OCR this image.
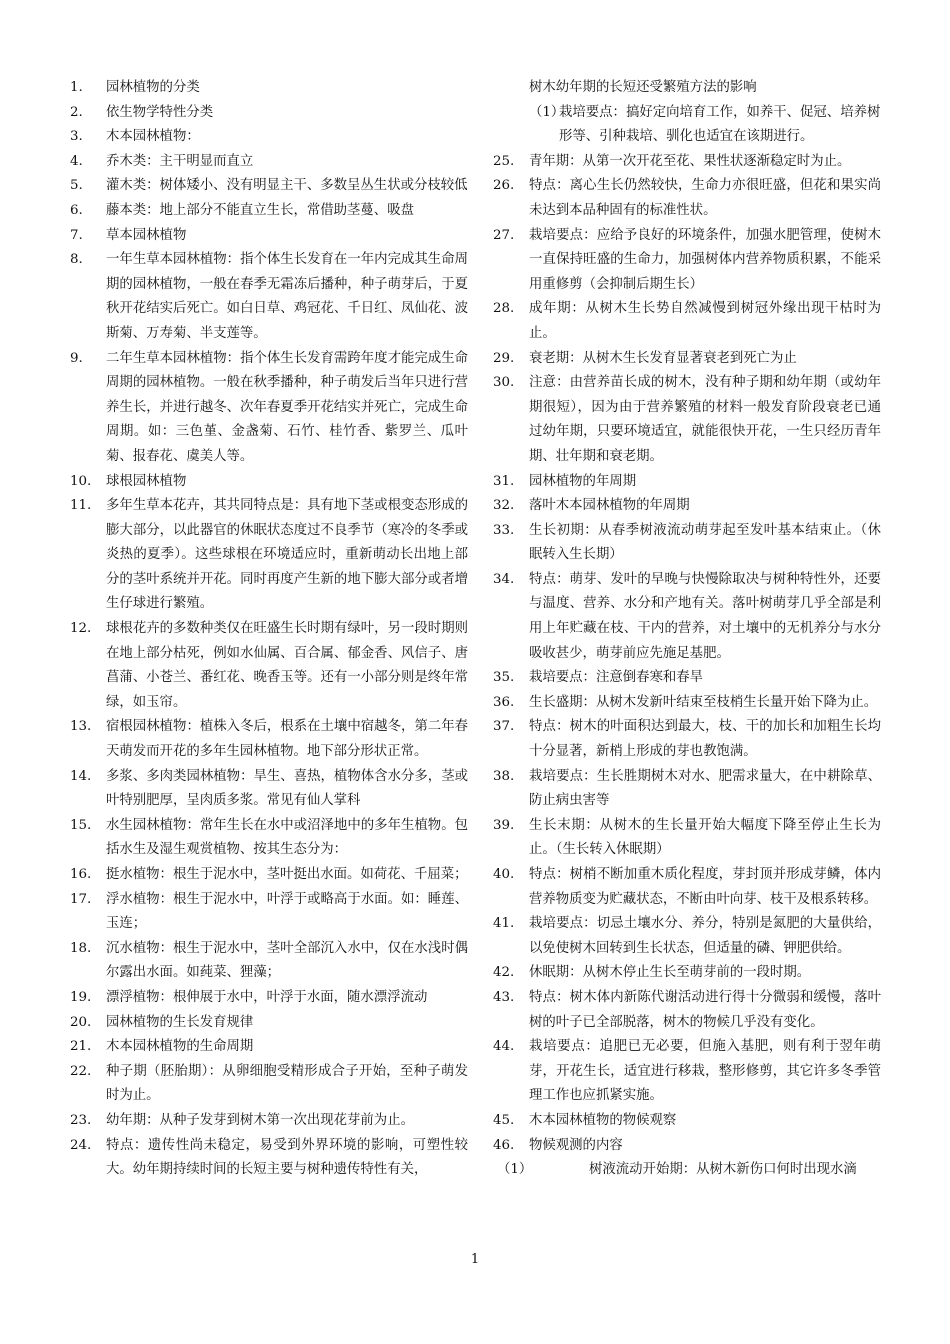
1. 园林植物的分类
2. 依生物学特性分类
3. 木本园林植物：
4. 乔木类：主干明显而直立
5. 灌木类：树体矮小、没有明显主干、多数呈丛生状或分枝较低
6. 藤本类：地上部分不能直立生长，常借助茎蔓、吸盘
7. 草本园林植物
8. 一年生草本园林植物：指个体生长发育在一年内完成其生命周期的园林植物，一般在春季无霜冻后播种，种子萌芽后，于夏秋开花结实后死亡。如白日草、鸡冠花、千日红、凤仙花、波斯菊、万寿菊、半支莲等。
9. 二年生草本园林植物：指个体生长发育需跨年度才能完成生命周期的园林植物。一般在秋季播种，种子萌发后当年只进行营养生长，并进行越冬、次年春夏季开花结实并死亡，完成生命周期。如：三色堇、金盏菊、石竹、桂竹香、紫罗兰、瓜叶菊、报春花、虞美人等。
10. 球根园林植物
11. 多年生草本花卉，其共同特点是：具有地下茎或根变态形成的膨大部分，以此器官的休眠状态度过不良季节（寒冷的冬季或炎热的夏季）。这些球根在环境适应时，重新萌动长出地上部分的茎叶系统并开花。同时再度产生新的地下膨大部分或者增生仔球进行繁殖。
12. 球根花卉的多数种类仅在旺盛生长时期有绿叶，另一段时期则在地上部分枯死，例如水仙属、百合属、郁金香、风信子、唐菖蒲、小苍兰、番红花、晚香玉等。还有一小部分则是终年常绿，如玉帘。
13. 宿根园林植物：植株入冬后，根系在土壤中宿越冬，第二年春天萌发而开花的多年生园林植物。地下部分形状正常。
14. 多浆、多肉类园林植物：旱生、喜热，植物体含水分多，茎或叶特别肥厚，呈肉质多浆。常见有仙人掌科
15. 水生园林植物：常年生长在水中或沼泽地中的多年生植物。包括水生及湿生观赏植物、按其生态分为：
16. 挺水植物：根生于泥水中，茎叶挺出水面。如荷花、千屈菜；
17. 浮水植物：根生于泥水中，叶浮于或略高于水面。如：睡莲、玉连；
18. 沉水植物：根生于泥水中，茎叶全部沉入水中，仅在水浅时偶尔露出水面。如莼菜、狸藻；
19. 漂浮植物：根伸展于水中，叶浮于水面，随水漂浮流动
20. 园林植物的生长发育规律
21. 木本园林植物的生命周期
22. 种子期（胚胎期）：从卵细胞受精形成合子开始，至种子萌发时为止。
23. 幼年期：从种子发芽到树木第一次出现花芽前为止。
24. 特点：遗传性尚未稳定，易受到外界环境的影响，可塑性较大。幼年期持续时间的长短主要与树种遗传特性有关，
树木幼年期的长短还受繁殖方法的影响
（1）栽培要点：搞好定向培育工作，如养干、促冠、培养树形等、引种栽培、驯化也适宜在该期进行。
25. 青年期：从第一次开花至花、果性状逐渐稳定时为止。
26. 特点：离心生长仍然较快，生命力亦很旺盛，但花和果实尚未达到本品种固有的标准性状。
27. 栽培要点：应给予良好的环境条件，加强水肥管理，使树木一直保持旺盛的生命力，加强树体内营养物质积累，不能采用重修剪（会抑制后期生长）
28. 成年期：从树木生长势自然减慢到树冠外缘出现干枯时为止。
29. 衰老期：从树木生长发育显著衰老到死亡为止
30. 注意：由营养苗长成的树木，没有种子期和幼年期（或幼年期很短），因为由于营养繁殖的材料一般发育阶段衰老已通过幼年期，只要环境适宜，就能很快开花，一生只经历青年期、壮年期和衰老期。
31. 园林植物的年周期
32. 落叶木本园林植物的年周期
33. 生长初期：从春季树液流动萌芽起至发叶基本结束止。（休眠转入生长期）
34. 特点：萌芽、发叶的早晚与快慢除取决与树种特性外，还要与温度、营养、水分和产地有关。落叶树萌芽几乎全部是利用上年贮藏在枝、干内的营养，对土壤中的无机养分与水分吸收甚少，萌芽前应先施足基肥。
35. 栽培要点：注意倒春寒和春旱
36. 生长盛期：从树木发新叶结束至枝梢生长量开始下降为止。
37. 特点：树木的叶面积达到最大，枝、干的加长和加粗生长均十分显著，新梢上形成的芽也教饱满。
38. 栽培要点：生长胜期树木对水、肥需求量大，在中耕除草、防止病虫害等
39. 生长末期：从树木的生长量开始大幅度下降至停止生长为止。（生长转入休眠期）
40. 特点：树梢不断加重木质化程度，芽封顶并形成芽鳞，体内营养物质变为贮藏状态，不断由叶向芽、枝干及根系转移。
41. 栽培要点：切忌土壤水分、养分，特别是氮肥的大量供给，以免使树木回转到生长状态，但适量的磷、钾肥供给。
42. 休眠期：从树木停止生长至萌芽前的一段时期。
43. 特点：树木体内新陈代谢活动进行得十分微弱和缓慢，落叶树的叶子已全部脱落，树木的物候几乎没有变化。
44. 栽培要点：追肥已无必要，但施入基肥，则有利于翌年萌芽，开花生长，适宜进行移栽，整形修剪，其它许多冬季管理工作也应抓紧实施。
45. 木本园林植物的物候观察
46. 物候观测的内容
（1）	树液流动开始期：从树木新伤口何时出现水滴
1
